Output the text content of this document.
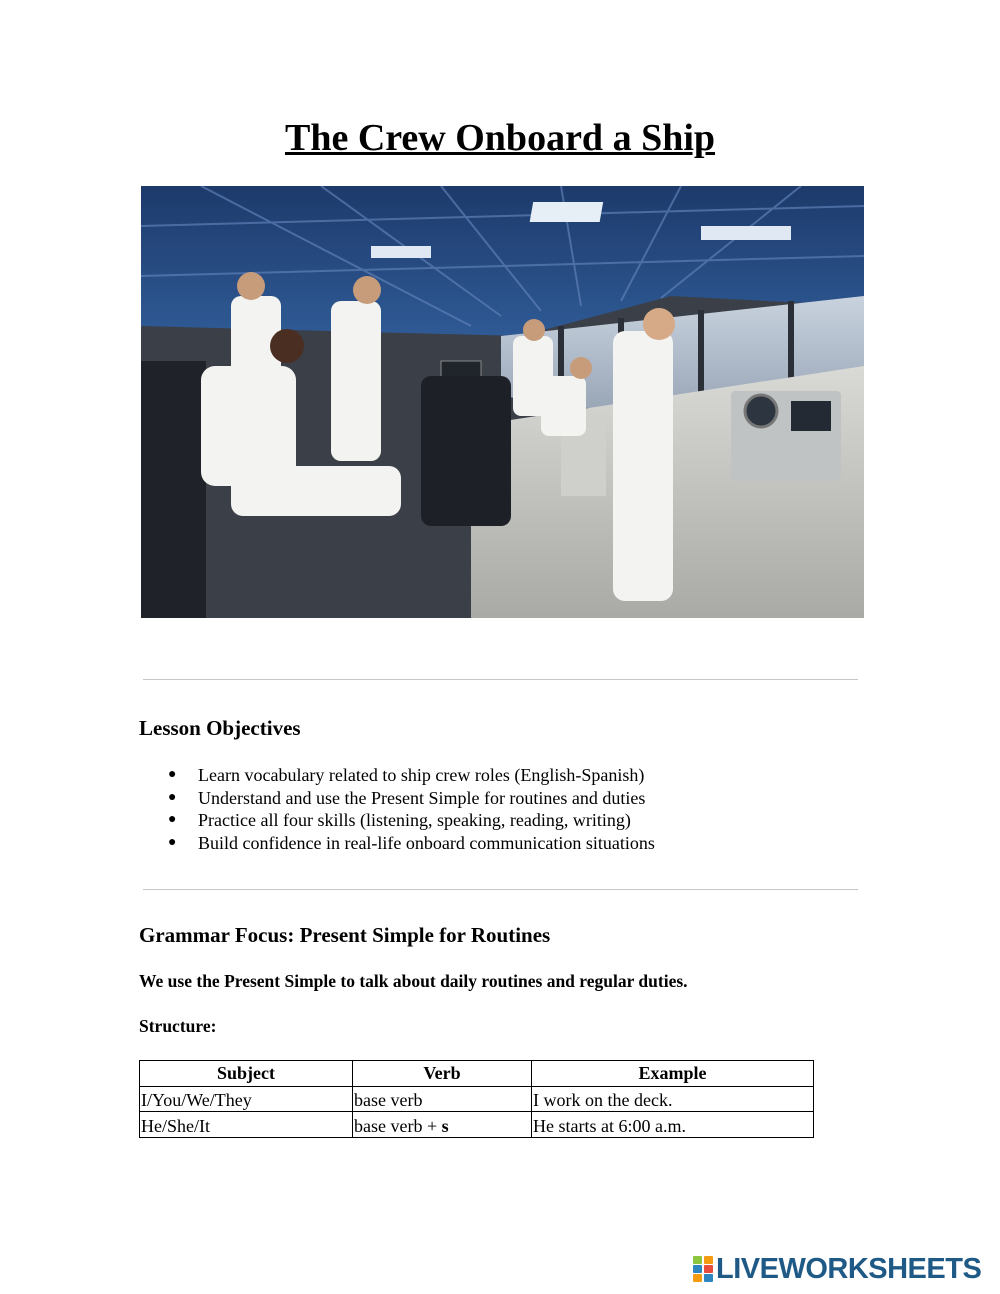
The Crew Onboard a Ship
Lesson Objectives
● Learn vocabulary related to ship crew roles (English-Spanish)
● Understand and use the Present Simple for routines and duties
● Practice all four skills (listening, speaking, reading, writing)
● Build confidence in real-life onboard communication situations
Grammar Focus: Present Simple for Routines
We use the Present Simple to talk about daily routines and regular duties.
Structure:
Subject	Verb	Example
I/You/We/They	base verb	I work on the deck.
He/She/It	base verb + s	He starts at 6:00 a.m.
LIVEWORKSHEETS
